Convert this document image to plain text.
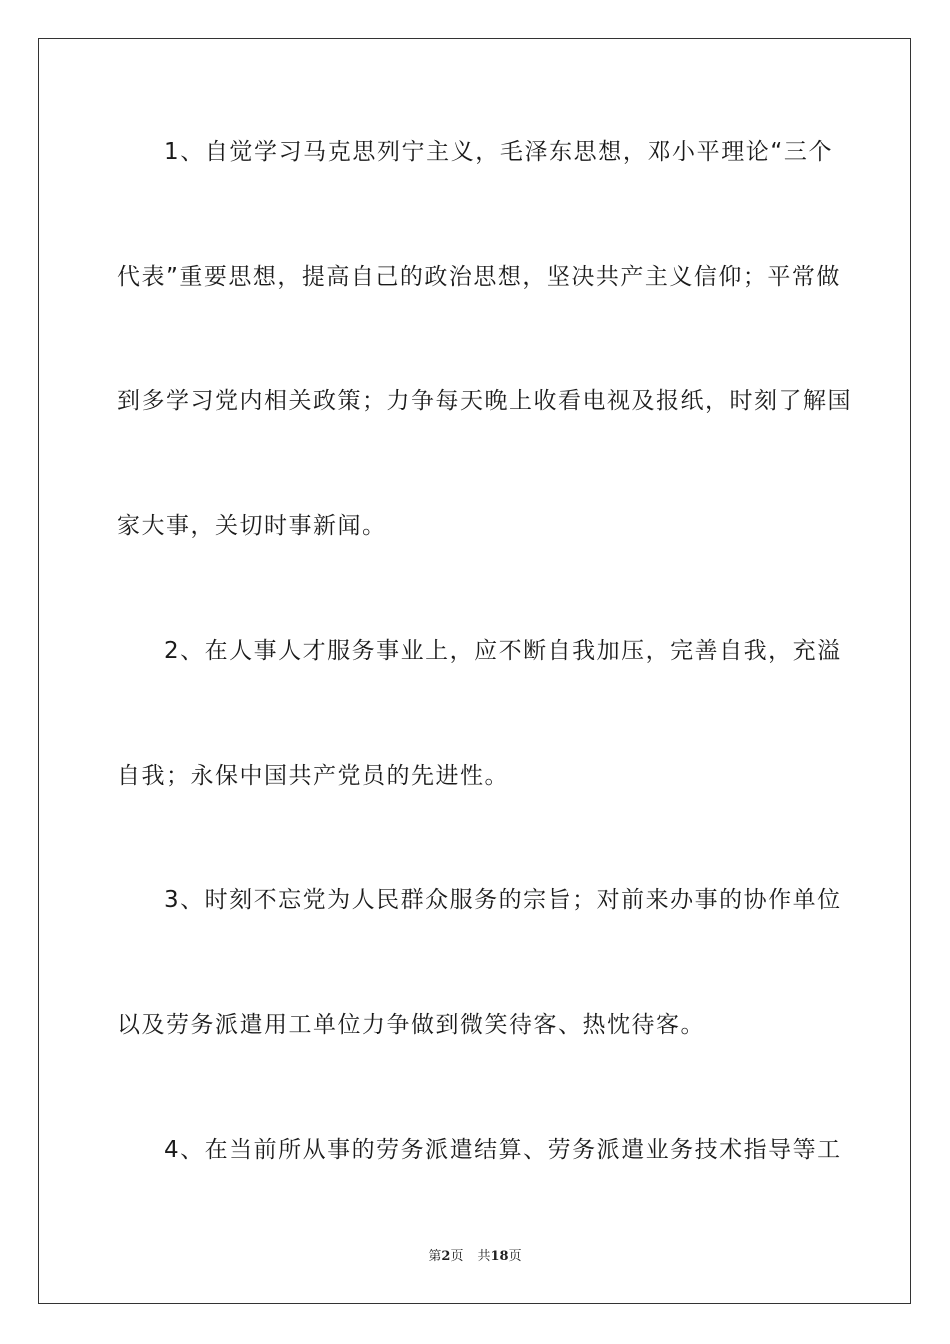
1、自觉学习马克思列宁主义，毛泽东思想，邓小平理论“三个
代表”重要思想，提高自己的政治思想，坚决共产主义信仰；平常做
到多学习党内相关政策；力争每天晚上收看电视及报纸，时刻了解国
家大事，关切时事新闻。
2、在人事人才服务事业上，应不断自我加压，完善自我，充溢
自我；永保中国共产党员的先进性。
3、时刻不忘党为人民群众服务的宗旨；对前来办事的协作单位
以及劳务派遣用工单位力争做到微笑待客、热忱待客。
4、在当前所从事的劳务派遣结算、劳务派遣业务技术指导等工
第2页 共18页
